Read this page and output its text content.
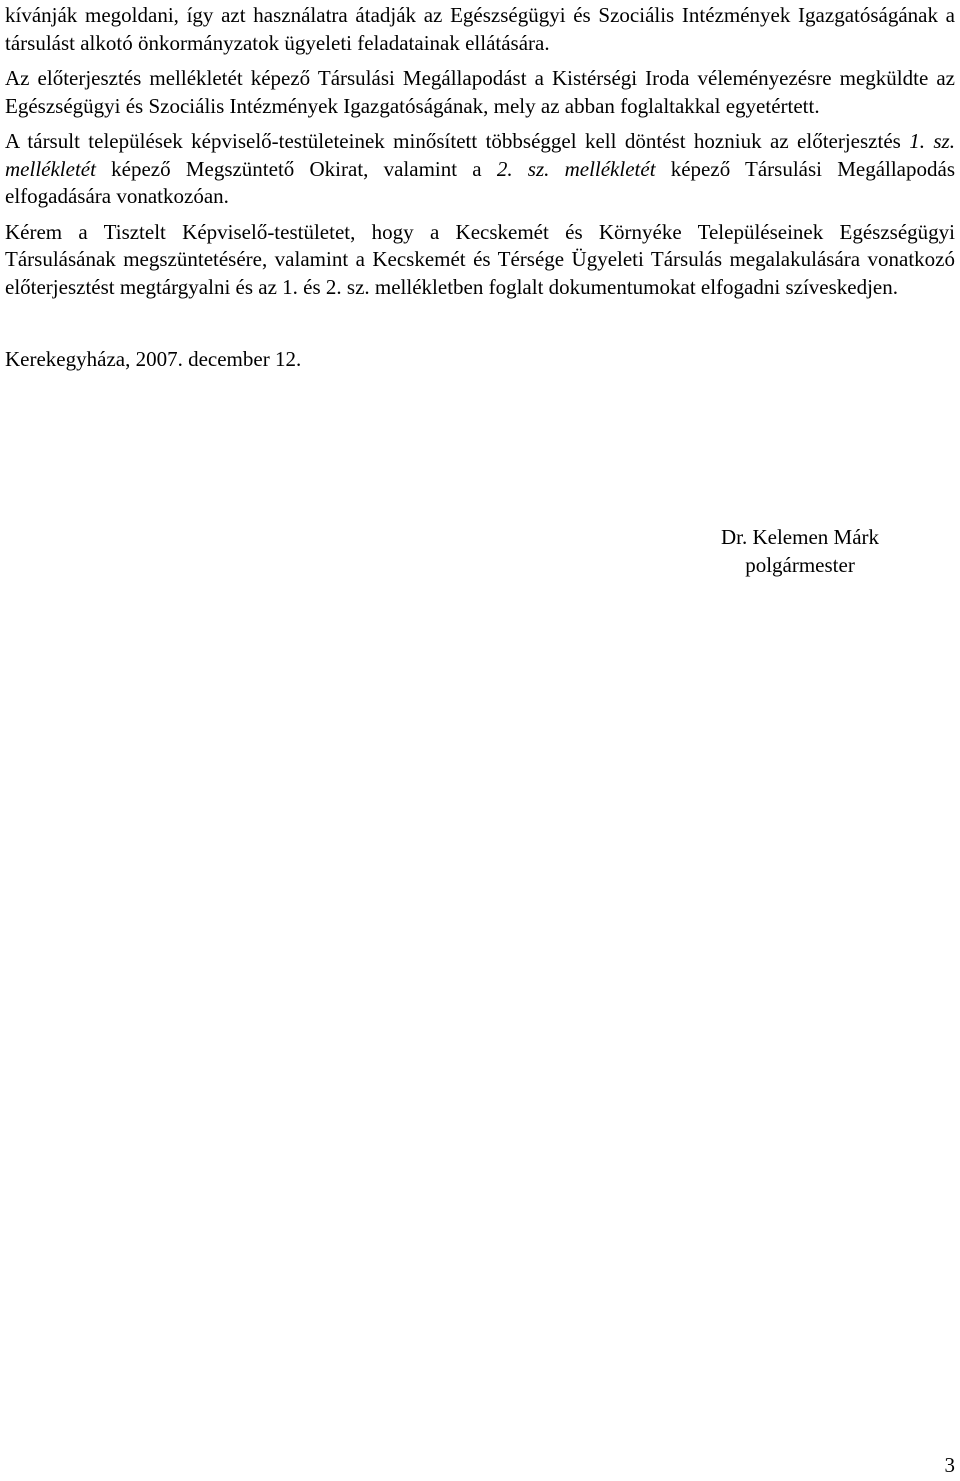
kívánják megoldani, így azt használatra átadják az Egészségügyi és Szociális Intézmények Igazgatóságának a társulást alkotó önkormányzatok ügyeleti feladatainak ellátására.

Az előterjesztés mellékletét képező Társulási Megállapodást a Kistérségi Iroda véleményezésre megküldte az Egészségügyi és Szociális Intézmények Igazgatóságának, mely az abban foglaltakkal egyetértett.

A társult települések képviselő-testületeinek minősített többséggel kell döntést hozniuk az előterjesztés 1. sz. mellékletét képező Megszüntető Okirat, valamint a 2. sz. mellékletét képező Társulási Megállapodás elfogadására vonatkozóan.

Kérem a Tisztelt Képviselő-testületet, hogy a Kecskemét és Környéke Településeinek Egészségügyi Társulásának megszüntetésére, valamint a Kecskemét és Térsége Ügyeleti Társulás megalakulására vonatkozó előterjesztést megtárgyalni és az 1. és 2. sz. mellékletben foglalt dokumentumokat elfogadni szíveskedjen.

Kerekegyháza, 2007. december 12.

Dr. Kelemen Márk
polgármester
3
